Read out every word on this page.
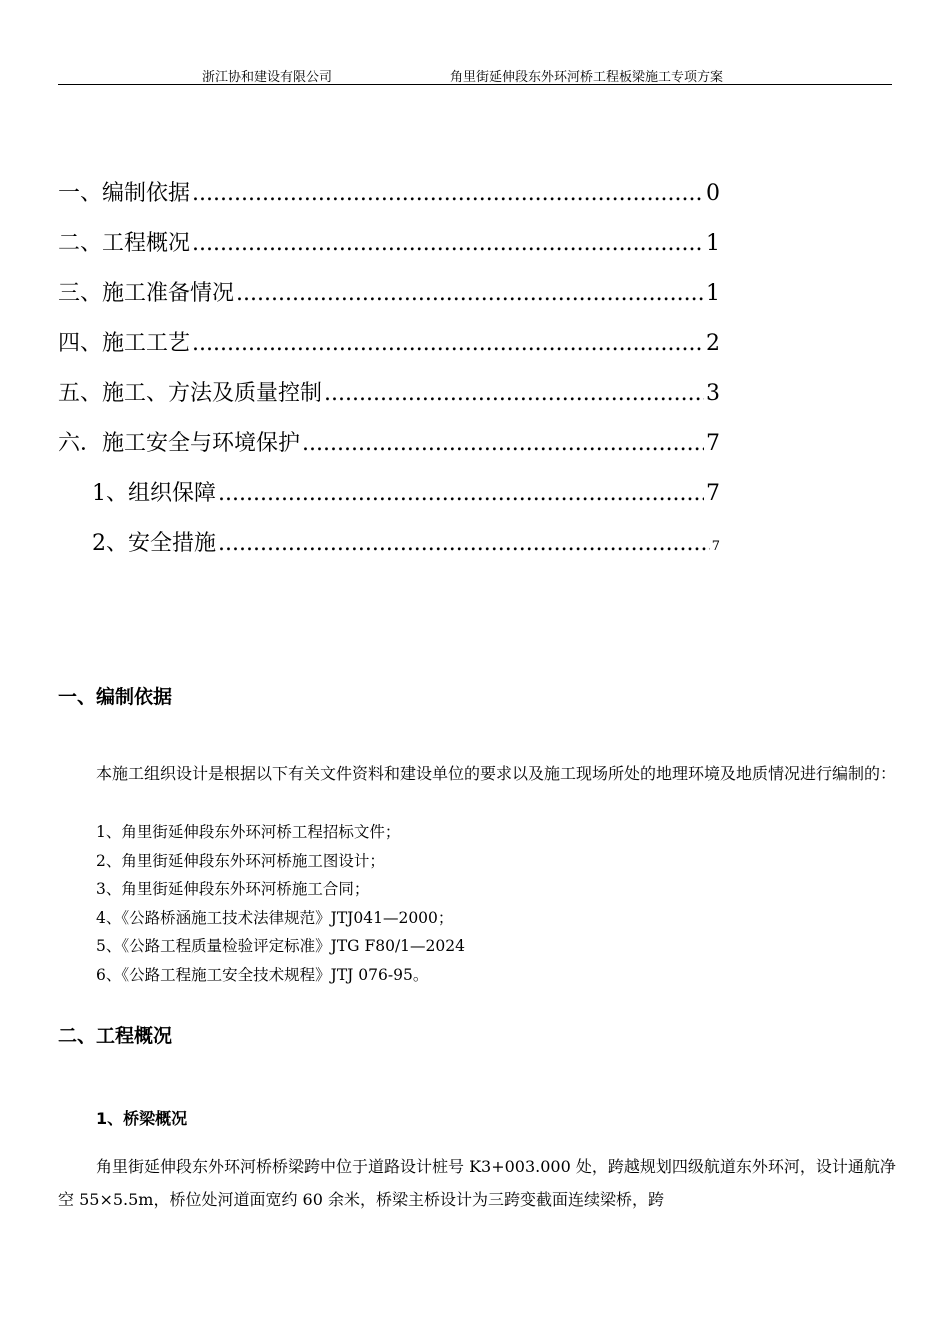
浙江协和建设有限公司	角里街延伸段东外环河桥工程板梁施工专项方案
一、编制依据 .....	0
二、工程概况 .....	1
三、施工准备情况 .....	1
四、施工工艺 .....	2
五、施工、方法及质量控制 .....	3
六．施工安全与环境保护 .....	7
1、组织保障 .....	7
2、安全措施 .....	7
一、编制依据
本施工组织设计是根据以下有关文件资料和建设单位的要求以及施工现场所处的地理环境及地质情况进行编制的：
1、角里街延伸段东外环河桥工程招标文件；
2、角里街延伸段东外环河桥施工图设计；
3、角里街延伸段东外环河桥施工合同；
4、《公路桥涵施工技术法律规范》JTJ041—2000；
5、《公路工程质量检验评定标准》JTG F80/1—2024
6、《公路工程施工安全技术规程》JTJ 076-95。
二、工程概况
1、桥梁概况
角里街延伸段东外环河桥桥梁跨中位于道路设计桩号 K3+003.000 处，跨越规划四级航道东外环河，设计通航净空 55×5.5m，桥位处河道面宽约 60 余米，桥梁主桥设计为三跨变截面连续梁桥，跨
